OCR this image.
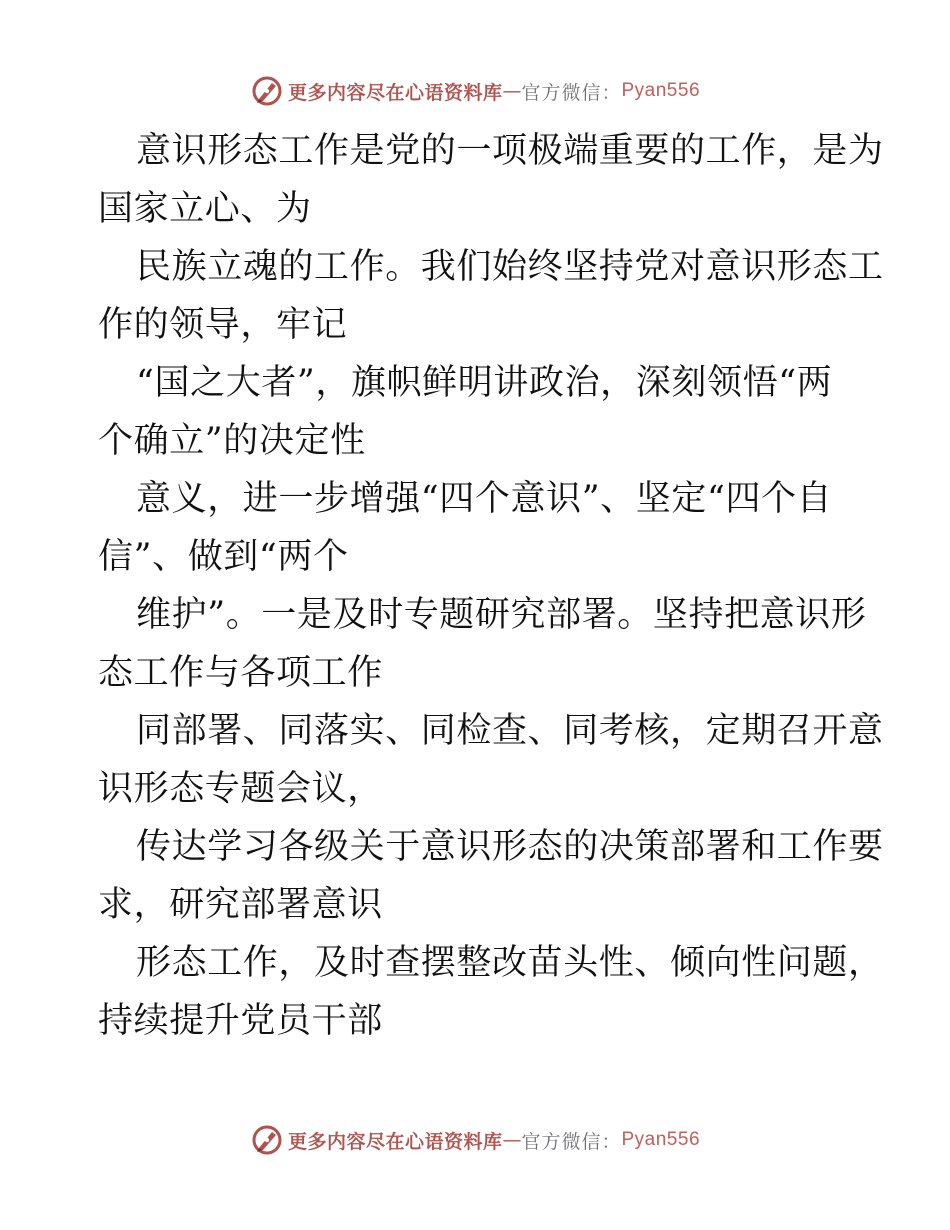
更多内容尽在心语资料库 — 官方微信： Pyan556
意识形态工作是党的一项极端重要的工作，是为
国家立心、为
民族立魂的工作。我们始终坚持党对意识形态工
作的领导，牢记
“国之大者”，旗帜鲜明讲政治，深刻领悟“两
个确立”的决定性
意义，进一步增强“四个意识”、坚定“四个自
信”、做到“两个
维护”。一是及时专题研究部署。坚持把意识形
态工作与各项工作
同部署、同落实、同检查、同考核，定期召开意
识形态专题会议，
传达学习各级关于意识形态的决策部署和工作要
求，研究部署意识
形态工作，及时查摆整改苗头性、倾向性问题，
持续提升党员干部
更多内容尽在心语资料库 — 官方微信： Pyan556
